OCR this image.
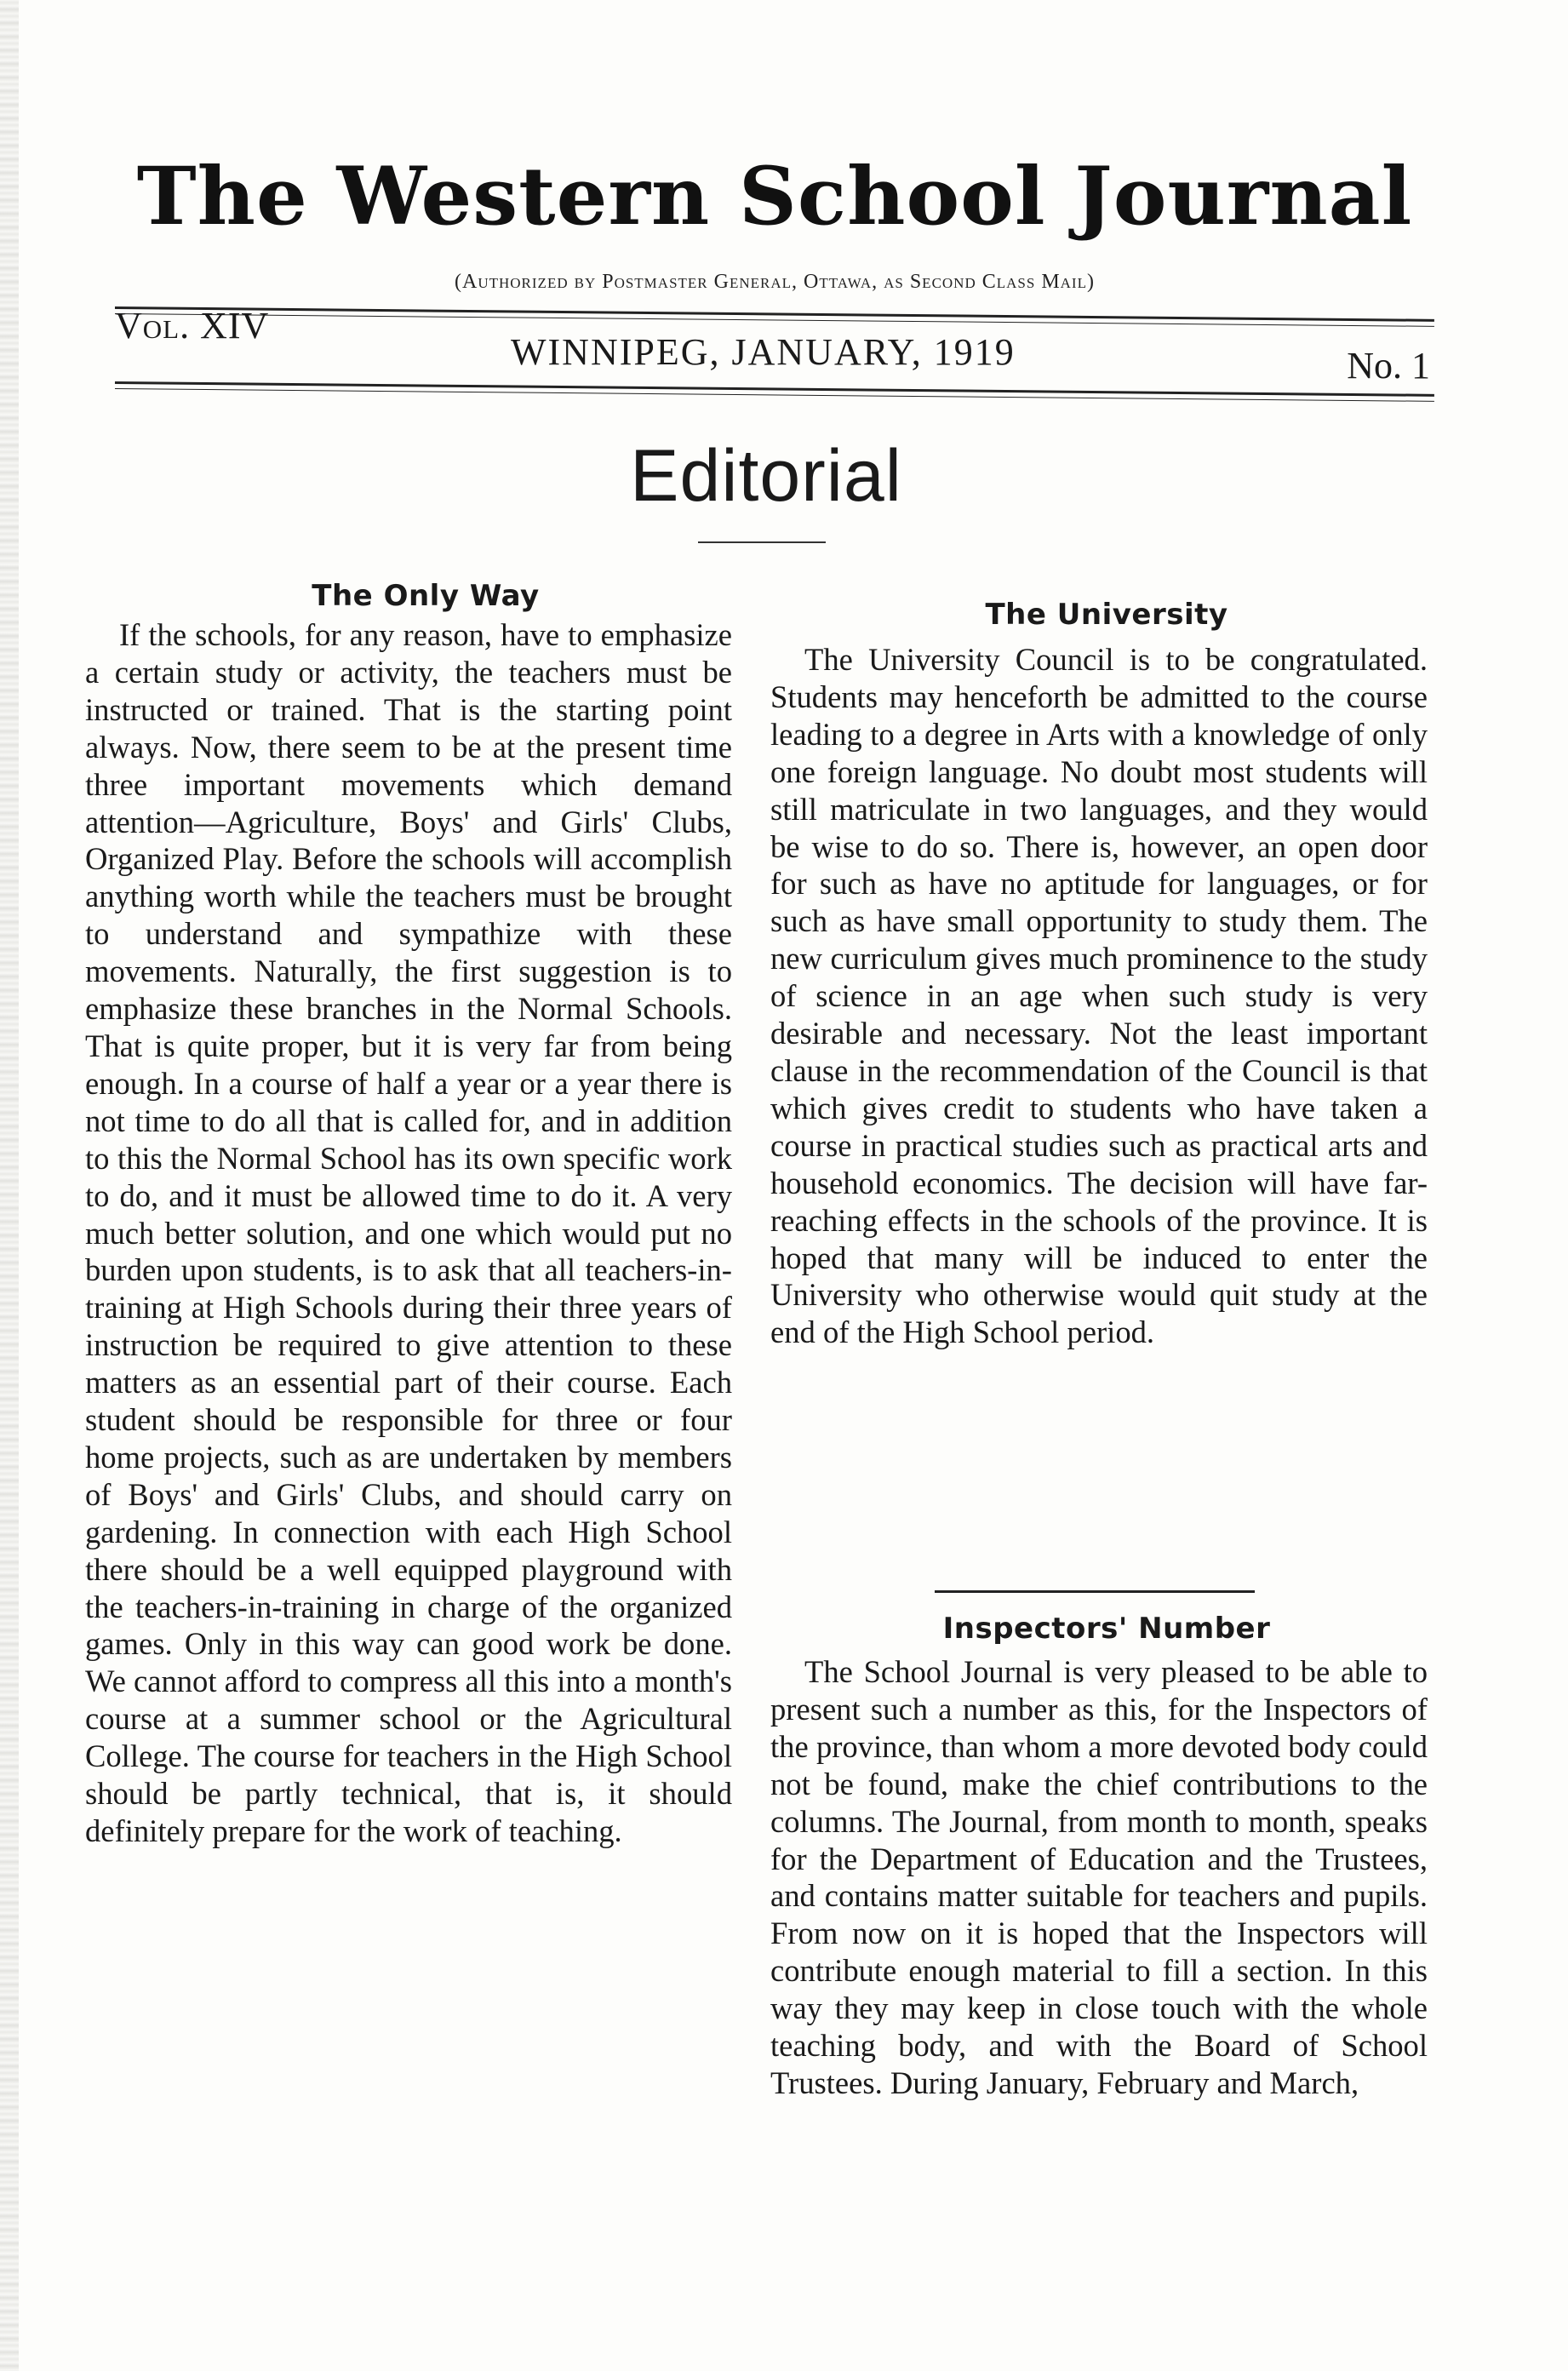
The Western School Journal
(Authorized by Postmaster General, Ottawa, as Second Class Mail)
Vol. XIV
WINNIPEG, JANUARY, 1919	No. 1
Editorial
The Only Way

If the schools, for any reason, have to emphasize a certain study or activity, the teachers must be instructed or trained. That is the starting point always. Now, there seem to be at the present time three important movements which demand attention—Agriculture, Boys' and Girls' Clubs, Organized Play. Before the schools will accomplish anything worth while the teachers must be brought to understand and sympathize with these movements. Naturally, the first suggestion is to emphasize these branches in the Normal Schools. That is quite proper, but it is very far from being enough. In a course of half a year or a year there is not time to do all that is called for, and in addition to this the Normal School has its own specific work to do, and it must be allowed time to do it. A very much better solution, and one which would put no burden upon students, is to ask that all teachers-in-training at High Schools during their three years of instruction be required to give attention to these matters as an essential part of their course. Each student should be responsible for three or four home projects, such as are undertaken by members of Boys' and Girls' Clubs, and should carry on gardening. In connection with each High School there should be a well equipped playground with the teachers-in-training in charge of the organized games. Only in this way can good work be done. We cannot afford to compress all this into a month's course at a summer school or the Agricultural College. The course for teachers in the High School should be partly technical, that is, it should definitely prepare for the work of teaching.

The University

The University Council is to be congratulated. Students may henceforth be admitted to the course leading to a degree in Arts with a knowledge of only one foreign language. No doubt most students will still matriculate in two languages, and they would be wise to do so. There is, however, an open door for such as have no aptitude for languages, or for such as have small opportunity to study them. The new curriculum gives much prominence to the study of science in an age when such study is very desirable and necessary. Not the least important clause in the recommendation of the Council is that which gives credit to students who have taken a course in practical studies such as practical arts and household economics. The decision will have far-reaching effects in the schools of the province. It is hoped that many will be induced to enter the University who otherwise would quit study at the end of the High School period.

Inspectors' Number

The School Journal is very pleased to be able to present such a number as this, for the Inspectors of the province, than whom a more devoted body could not be found, make the chief contributions to the columns. The Journal, from month to month, speaks for the Department of Education and the Trustees, and contains matter suitable for teachers and pupils. From now on it is hoped that the Inspectors will contribute enough material to fill a section. In this way they may keep in close touch with the whole teaching body, and with the Board of School Trustees. During January, February and March,
